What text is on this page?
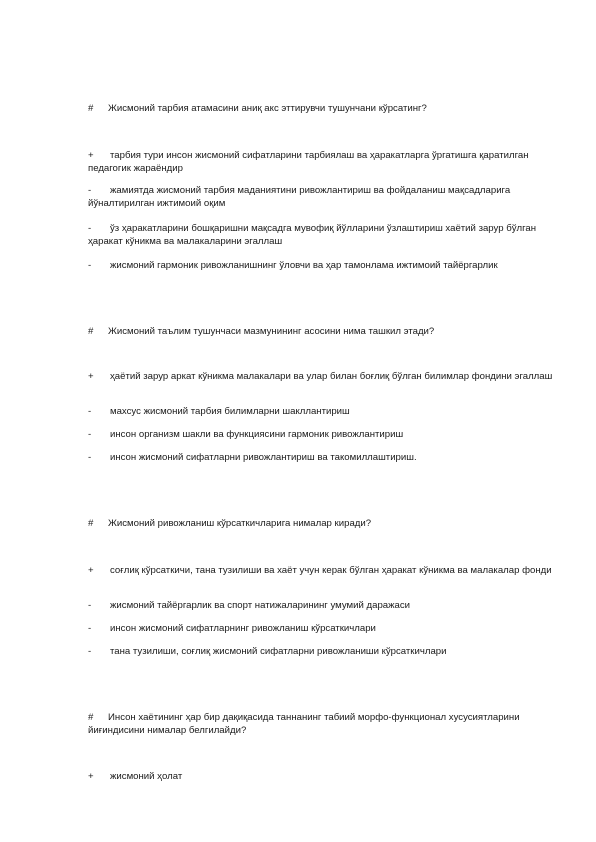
# Жисмоний тарбия атамасини аниқ акс эттирувчи тушунчани кўрсатинг?

+ тарбия тури инсон жисмоний сифатларини тарбиялаш ва ҳаракатларга ўргатишга қаратилган педагогик жараёндир

- жамиятда жисмоний тарбия маданиятини ривожлантириш ва фойдаланиш мақсадларига йўналтирилган ижтимоий оқим

- ўз ҳаракатларини бошқаришни мақсадга мувофиқ йўлларини ўзлаштириш хаётий зарур бўлган ҳаракат кўникма ва малакаларини эгаллаш

- жисмоний гармоник ривожланишнинг ўловчи ва ҳар тамонлама ижтимоий тайёргарлик

# Жисмоний таълим тушунчаси мазмунининг асосини нима ташкил этади?

+ ҳаётий зарур аркат кўникма малакалари ва улар билан боғлиқ бўлган билимлар фондини эгаллаш

- махсус жисмоний тарбия билимларни шакллантириш

- инсон организм шакли ва функциясини гармоник ривожлантириш

- инсон жисмоний сифатларни ривожлантириш ва такомиллаштириш.

# Жисмоний ривожланиш кўрсаткичларига нималар киради?

+ соғлиқ кўрсаткичи, тана тузилиши ва хаёт учун керак бўлган ҳаракат кўникма ва малакалар фонди

- жисмоний тайёргарлик ва спорт натижаларининг умумий даражаси

- инсон жисмоний сифатларнинг ривожланиш кўрсаткичлари

- тана тузилиши, соғлиқ жисмоний сифатларни ривожланиши кўрсаткичлари

# Инсон хаётининг ҳар бир дақиқасида таннанинг табиий морфо-функционал хусусиятларини йиғиндисини нималар белгилайди?

+ жисмоний ҳолат
